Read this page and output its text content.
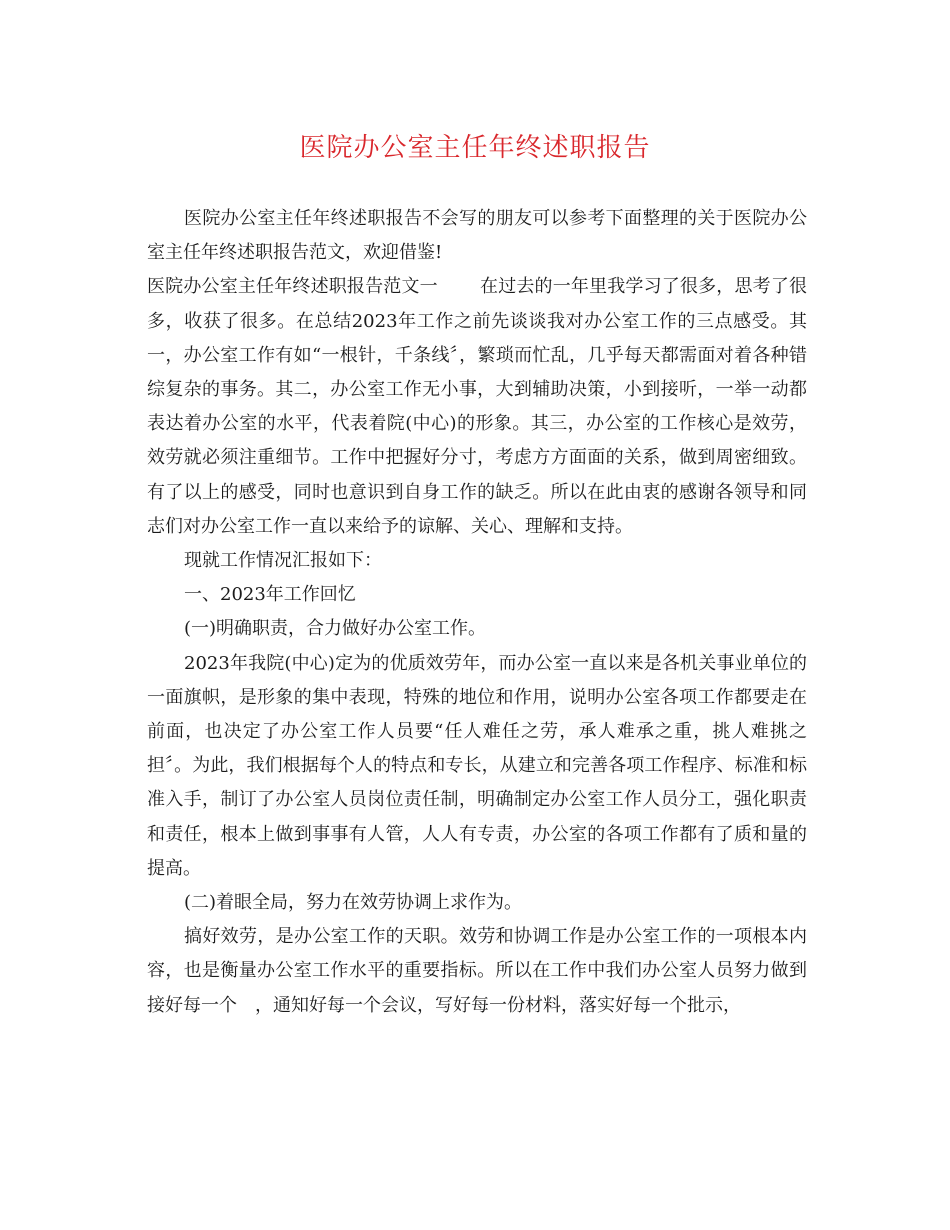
医院办公室主任年终述职报告

医院办公室主任年终述职报告不会写的朋友可以参考下面整理的关于医院办公室主任年终述职报告范文，欢迎借鉴!

医院办公室主任年终述职报告范文一　　 在过去的一年里我学习了很多，思考了很多，收获了很多。在总结2023年工作之前先谈谈我对办公室工作的三点感受。其一，办公室工作有如“一根针，千条线〞，繁琐而忙乱，几乎每天都需面对着各种错综复杂的事务。其二，办公室工作无小事，大到辅助决策，小到接听，一举一动都表达着办公室的水平，代表着院(中心)的形象。其三，办公室的工作核心是效劳，效劳就必须注重细节。工作中把握好分寸，考虑方方面面的关系，做到周密细致。有了以上的感受，同时也意识到自身工作的缺乏。所以在此由衷的感谢各领导和同志们对办公室工作一直以来给予的谅解、关心、理解和支持。

现就工作情况汇报如下：

一、2023年工作回忆

(一)明确职责，合力做好办公室工作。

2023年我院(中心)定为的优质效劳年，而办公室一直以来是各机关事业单位的一面旗帜，是形象的集中表现，特殊的地位和作用，说明办公室各项工作都要走在前面，也决定了办公室工作人员要“任人难任之劳，承人难承之重，挑人难挑之担〞。为此，我们根据每个人的特点和专长，从建立和完善各项工作程序、标准和标准入手，制订了办公室人员岗位责任制，明确制定办公室工作人员分工，强化职责和责任，根本上做到事事有人管，人人有专责，办公室的各项工作都有了质和量的提高。

(二)着眼全局，努力在效劳协调上求作为。

搞好效劳，是办公室工作的天职。效劳和协调工作是办公室工作的一项根本内容，也是衡量办公室工作水平的重要指标。所以在工作中我们办公室人员努力做到接好每一个　，通知好每一个会议，写好每一份材料，落实好每一个批示，
